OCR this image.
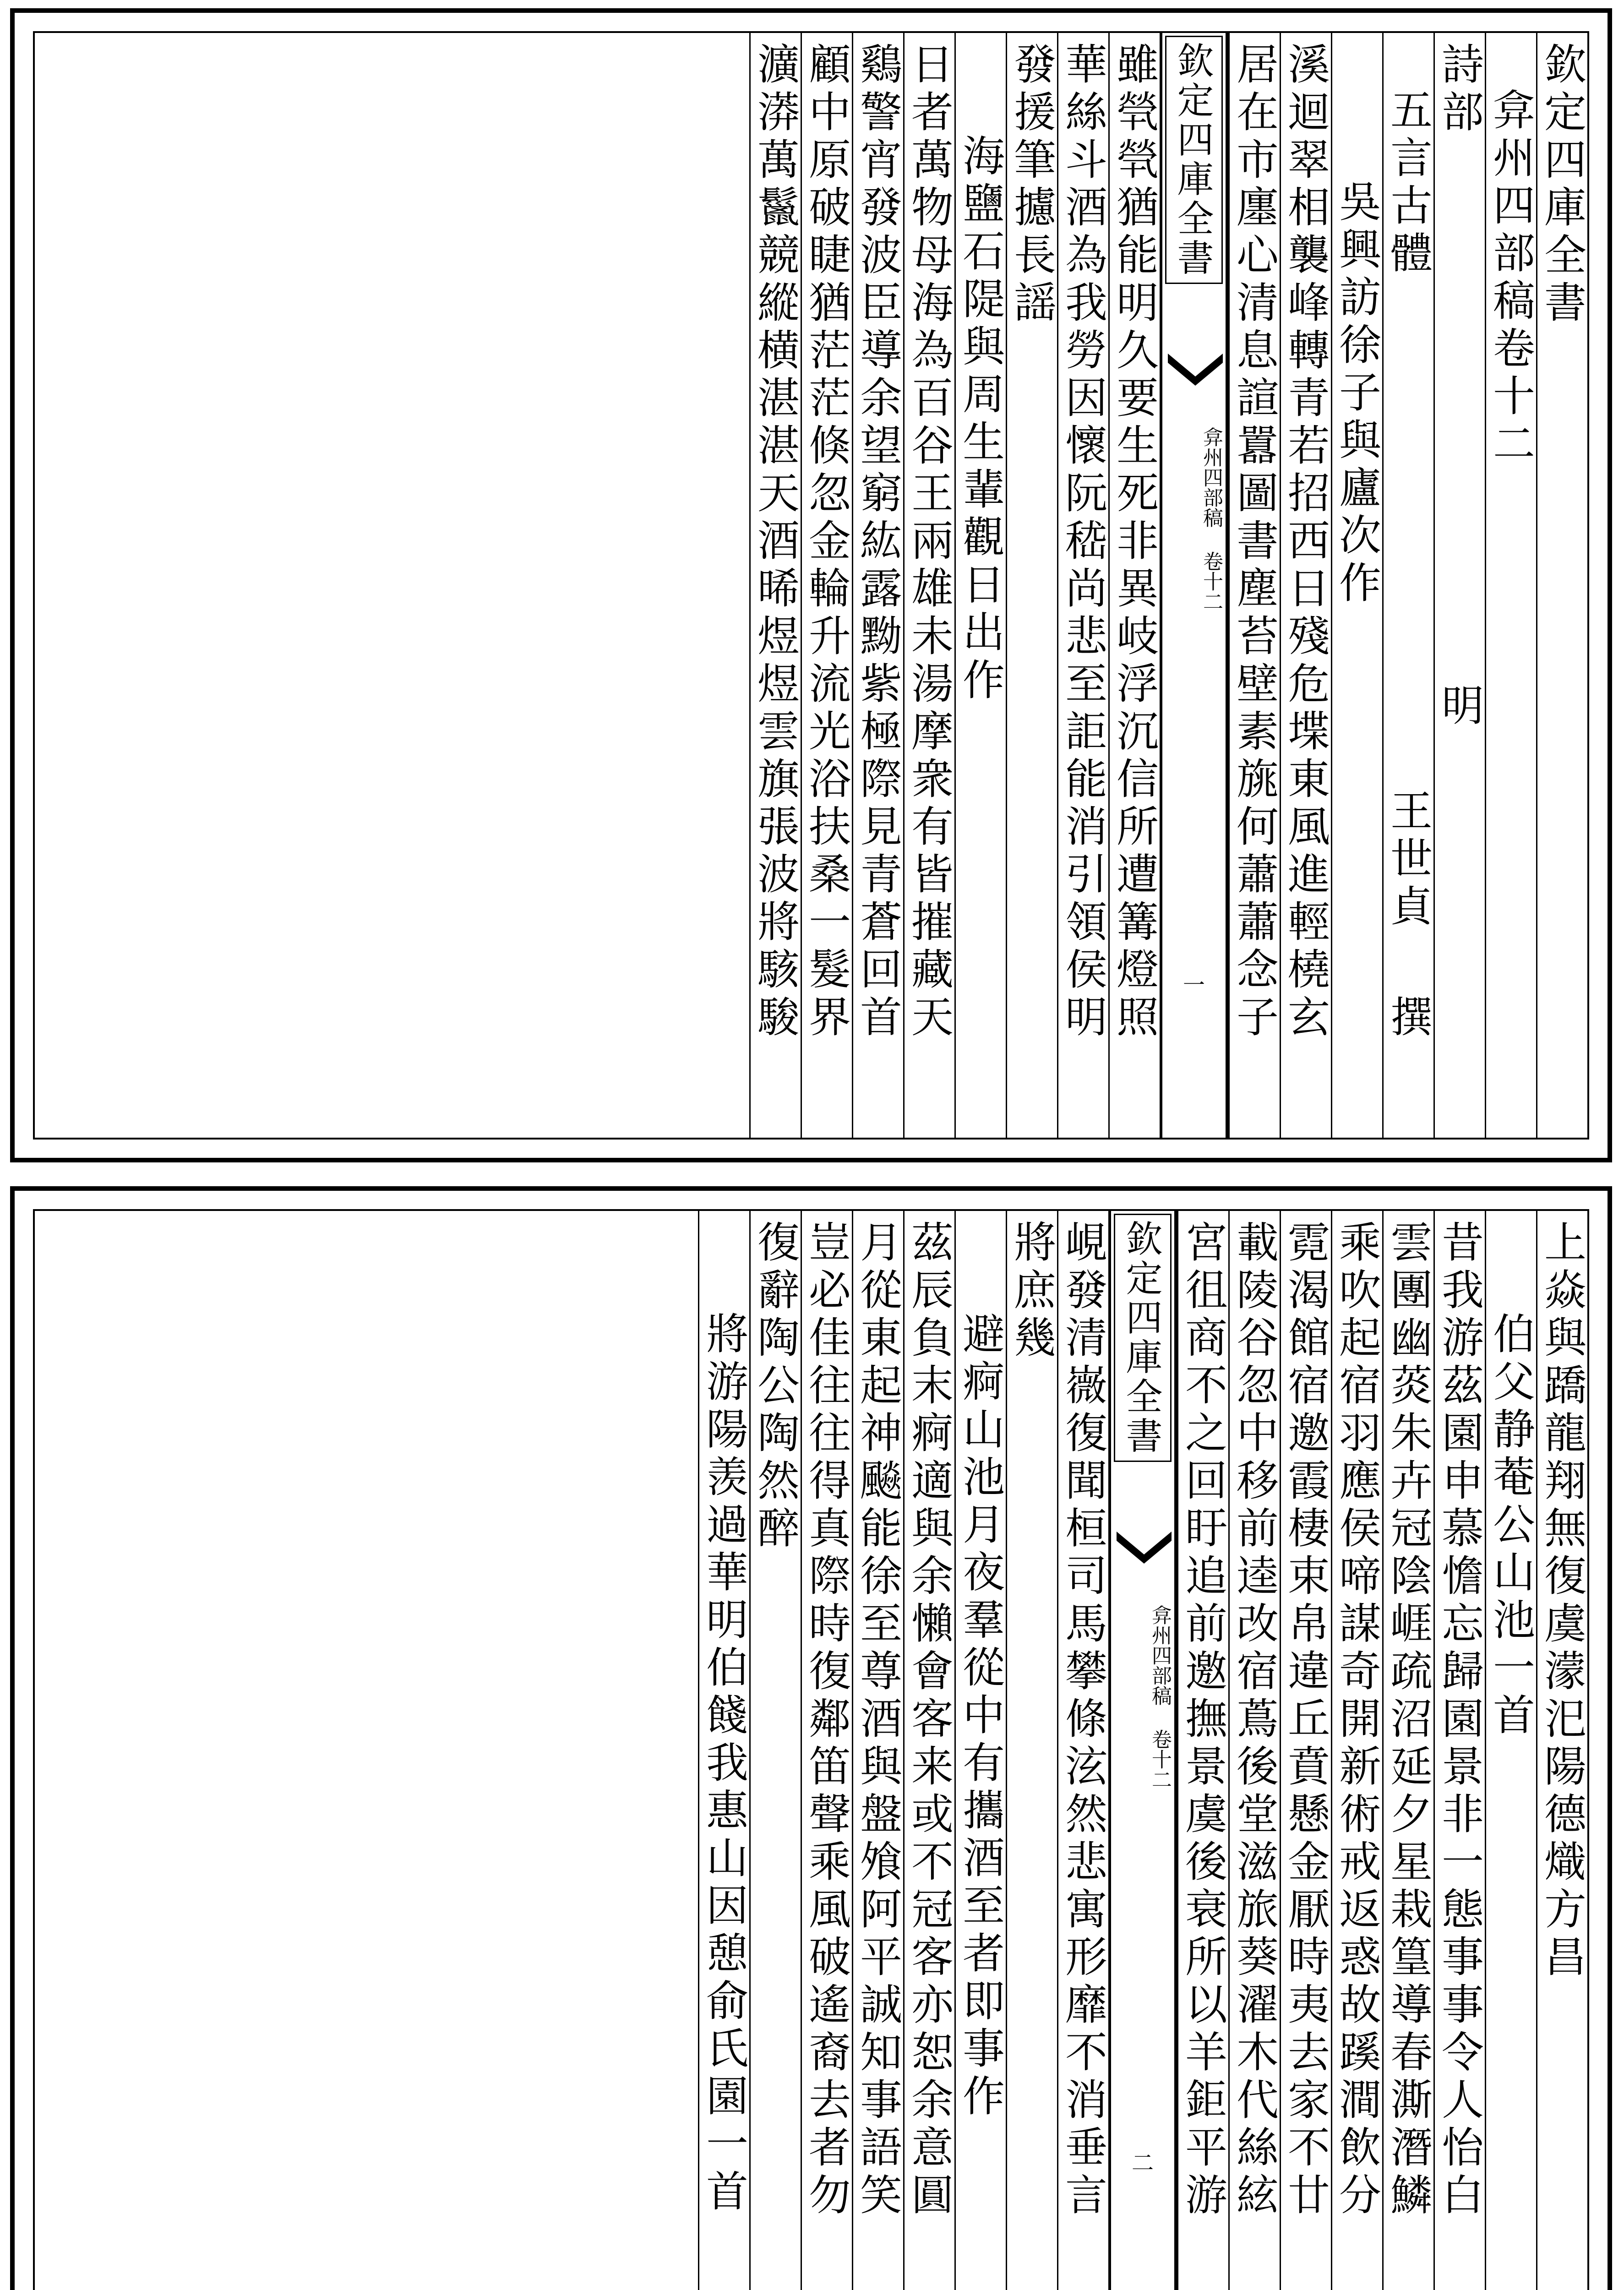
欽定四庫全書
弇州四部稿卷十二
詩部
明
五言古體
王世貞
撰
吳興訪徐子與廬次作
溪迴翠相襲峰轉青若招西日殘危堞東風進輕橈玄
居在市廛心清息諠囂圖書塵苔壁素旐何蕭蕭念子
欽定四庫全書
弇州四部稿 卷十二
一
雖煢煢猶能明久要生死非異岐浮沉信所遭篝燈照
華絲斗酒為我勞因懷阮嵇尚悲至詎能消引領侯明
發援筆攄長謡
海鹽石隄與周生輩觀日出作
日者萬物母海為百谷王兩雄未湯摩衆有皆摧藏天
鷄警宵發波臣導余望窮紘露黝紫極際見青蒼回首
顧中原破睫猶茫茫倏忽金輪升流光浴扶桑一髮界
瀇漭萬鬣競縱横湛湛天酒晞煜煜雲旗張波將駭駿
上焱與蹻龍翔無復虞濛汜陽德熾方昌
伯父静菴公山池一首
昔我游茲園申慕憺忘歸園景非一態事事令人怡白
雲團幽菼朱卉冠陰崕疏沼延夕星栽篁導春澌潛鱗
乘吹起宿羽應侯啼謀奇開新術戒返惑故蹊澗飲分
霓渴館宿邀霞棲束帛違丘賁懸金厭時夷去家不廿
載陵谷忽中移前逵改宿蔦後堂滋旅葵濯木代絲絃
宮徂商不之回盱追前邀撫景虞後衰所以羊鉅平游
欽定四庫全書
弇州四部稿 卷十二
二
峴發清嶶復聞桓司馬攀條泫然悲寓形靡不消垂言
將庶幾
避痾山池月夜羣從中有攜酒至者即事作
茲辰負末痾適與余懶會客来或不冠客亦恕余意圓
月從東起神飈能徐至尊酒與盤飧阿平誠知事語笑
豈必佳往往得真際時復鄰笛聲乘風破遙裔去者勿
復辭陶公陶然醉
將游陽羡過華明伯餞我惠山因憩俞氏園一首
